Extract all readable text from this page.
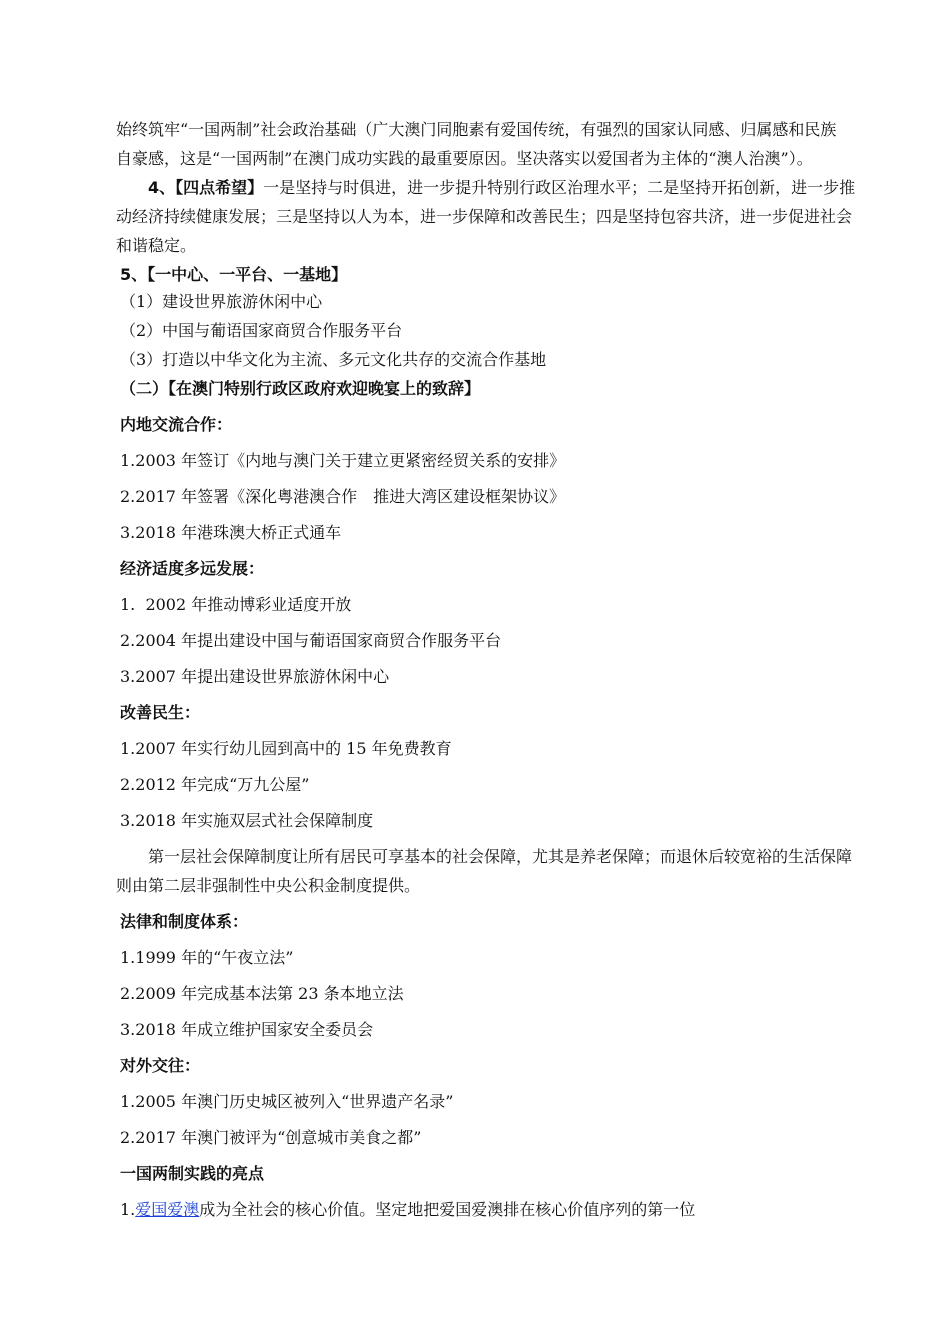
始终筑牢“一国两制”社会政治基础（广大澳门同胞素有爱国传统，有强烈的国家认同感、归属感和民族
自豪感，这是“一国两制”在澳门成功实践的最重要原因。坚决落实以爱国者为主体的“澳人治澳”）。
4、【四点希望】一是坚持与时俱进，进一步提升特别行政区治理水平；二是坚持开拓创新，进一步推
动经济持续健康发展；三是坚持以人为本，进一步保障和改善民生；四是坚持包容共济，进一步促进社会
和谐稳定。
5、【一中心、一平台、一基地】
（1）建设世界旅游休闲中心
（2）中国与葡语国家商贸合作服务平台
（3）打造以中华文化为主流、多元文化共存的交流合作基地
（二）【在澳门特别行政区政府欢迎晚宴上的致辞】
内地交流合作：
1.2003 年签订《内地与澳门关于建立更紧密经贸关系的安排》
2.2017 年签署《深化粤港澳合作　推进大湾区建设框架协议》
3.2018 年港珠澳大桥正式通车
经济适度多远发展：
1.  2002 年推动博彩业适度开放
2.2004 年提出建设中国与葡语国家商贸合作服务平台
3.2007 年提出建设世界旅游休闲中心
改善民生：
1.2007 年实行幼儿园到高中的 15 年免费教育
2.2012 年完成“万九公屋”
3.2018 年实施双层式社会保障制度
第一层社会保障制度让所有居民可享基本的社会保障，尤其是养老保障；而退休后较宽裕的生活保障
则由第二层非强制性中央公积金制度提供。
法律和制度体系：
1.1999 年的“午夜立法”
2.2009 年完成基本法第 23 条本地立法
3.2018 年成立维护国家安全委员会
对外交往：
1.2005 年澳门历史城区被列入“世界遗产名录”
2.2017 年澳门被评为“创意城市美食之都”
一国两制实践的亮点
1.爱国爱澳成为全社会的核心价值。坚定地把爱国爱澳排在核心价值序列的第一位
